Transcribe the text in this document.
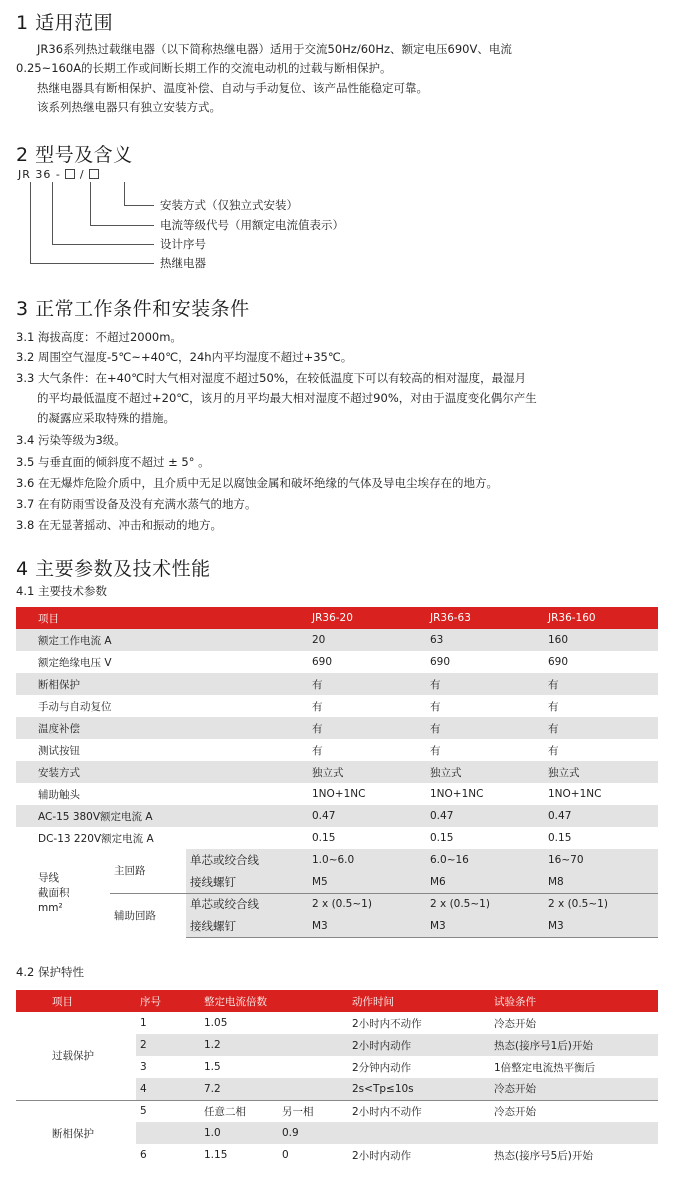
1 适用范围
JR36系列热过载继电器（以下简称热继电器）适用于交流50Hz/60Hz、额定电压690V、电流
0.25~160A的长期工作或间断长期工作的交流电动机的过载与断相保护。
热继电器具有断相保护、温度补偿、自动与手动复位、该产品性能稳定可靠。
该系列热继电器只有独立安装方式。
2 型号及含义
JR 36 - /
安装方式（仅独立式安装）
电流等级代号（用额定电流值表示）
设计序号
热继电器
3 正常工作条件和安装条件
3.1 海拔高度：不超过2000m。
3.2 周围空气湿度-5℃~+40℃，24h内平均湿度不超过+35℃。
3.3 大气条件：在+40℃时大气相对湿度不超过50%，在较低温度下可以有较高的相对湿度，最湿月
的平均最低温度不超过+20℃，该月的月平均最大相对湿度不超过90%，对由于温度变化偶尔产生
的凝露应采取特殊的措施。
3.4 污染等级为3级。
3.5 与垂直面的倾斜度不超过 ± 5° 。
3.6 在无爆炸危险介质中，且介质中无足以腐蚀金属和破坏绝缘的气体及导电尘埃存在的地方。
3.7 在有防雨雪设备及没有充满水蒸气的地方。
3.8 在无显著摇动、冲击和振动的地方。
4 主要参数及技术性能
4.1 主要技术参数
项目			JR36-20	JR36-63	JR36-160
额定工作电流 A			20	63	160
额定绝缘电压 V			690	690	690
断相保护			有	有	有
手动与自动复位			有	有	有
温度补偿			有	有	有
测试按钮			有	有	有
安装方式			独立式	独立式	独立式
辅助触头			1NO+1NC	1NO+1NC	1NO+1NC
AC-15 380V额定电流 A			0.47	0.47	0.47
DC-13 220V额定电流 A			0.15	0.15	0.15

导线
截面积
mm²	主回路	单芯或绞合线	1.0~6.0	6.0~16	16~70
		接线螺钉	M5	M6	M8
	辅助回路	单芯或绞合线	2 x (0.5~1)	2 x (0.5~1)	2 x (0.5~1)
		接线螺钉	M3	M3	M3
4.2 保护特性
项目	序号	整定电流倍数		动作时间	试验条件
过载保护	1	1.05		2小时内不动作	冷态开始
	2	1.2		2小时内动作	热态(接序号1后)开始
	3	1.5		2分钟内动作	1倍整定电流热平衡后
	4	7.2		2s<Tp≤10s	冷态开始
断相保护	5	任意二相	另一相	2小时内不动作	冷态开始
		1.0	0.9		
	6	1.15	0	2小时内动作	热态(接序号5后)开始
